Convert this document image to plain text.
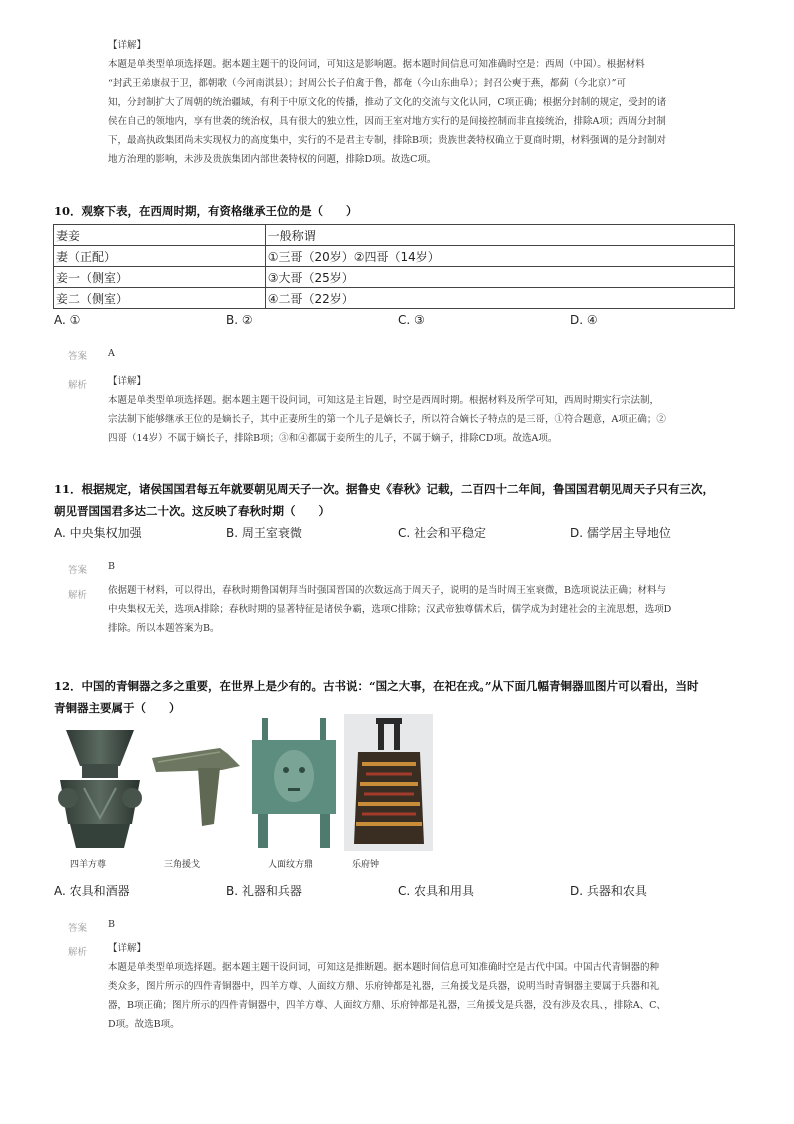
【详解】
本题是单类型单项选择题。据本题主题干的设问词，可知这是影响题。据本题时间信息可知准确时空是：西周（中国）。根据材料
“封武王弟康叔于卫，都朝歌（今河南淇县）；封周公长子伯禽于鲁，都奄（今山东曲阜）；封召公奭于燕，都蓟（今北京）”可
知，分封制扩大了周朝的统治疆域，有利于中原文化的传播，推动了文化的交流与文化认同，C项正确；根据分封制的规定，受封的诸
侯在自己的领地内，享有世袭的统治权，具有很大的独立性，因而王室对地方实行的是间接控制而非直接统治，排除A项；西周分封制
下，最高执政集团尚未实现权力的高度集中，实行的不是君主专制，排除B项；贵族世袭特权确立于夏商时期，材料强调的是分封制对
地方治理的影响，未涉及贵族集团内部世袭特权的问题，排除D项。故选C项。
10．观察下表，在西周时期，有资格继承王位的是（　　）
妻妾	一般称谓
妻（正配）	①三哥（20岁）②四哥（14岁）
妾一（侧室）	③大哥（25岁）
妾二（侧室）	④二哥（22岁）
A. ①	B. ②	C. ③	D. ④
答案 A
解析 【详解】
本题是单类型单项选择题。据本题主题干设问词，可知这是主旨题，时空是西周时期。根据材料及所学可知，西周时期实行宗法制，
宗法制下能够继承王位的是嫡长子，其中正妻所生的第一个儿子是嫡长子，所以符合嫡长子特点的是三哥，①符合题意，A项正确；②
四哥（14岁）不属于嫡长子，排除B项；③和④都属于妾所生的儿子，不属于嫡子，排除CD项。故选A项。
11．根据规定，诸侯国国君每五年就要朝见周天子一次。据鲁史《春秋》记载，二百四十二年间，鲁国国君朝见周天子只有三次，
朝见晋国国君多达二十次。这反映了春秋时期（　　）
A. 中央集权加强	B. 周王室衰微	C. 社会和平稳定	D. 儒学居主导地位
答案 B
解析 依据题干材料，可以得出，春秋时期鲁国朝拜当时强国晋国的次数远高于周天子，说明的是当时周王室衰微，B选项说法正确；材料与
中央集权无关，选项A排除；春秋时期的显著特征是诸侯争霸，选项C排除；汉武帝独尊儒术后，儒学成为封建社会的主流思想，选项D
排除。所以本题答案为B。
12．中国的青铜器之多之重要，在世界上是少有的。古书说：“国之大事，在祀在戎。”从下面几幅青铜器皿图片可以看出，当时
青铜器主要属于（　　）
四羊方尊	三角援戈	人面纹方鼎	乐府钟
A. 农具和酒器	B. 礼器和兵器	C. 农具和用具	D. 兵器和农具
答案 B
解析 【详解】
本题是单类型单项选择题。据本题主题干设问词，可知这是推断题。据本题时间信息可知准确时空是古代中国。中国古代青铜器的种
类众多，图片所示的四件青铜器中，四羊方尊、人面纹方鼎、乐府钟都是礼器，三角援戈是兵器，说明当时青铜器主要属于兵器和礼
器，B项正确；图片所示的四件青铜器中，四羊方尊、人面纹方鼎、乐府钟都是礼器，三角援戈是兵器，没有涉及农具、，排除A、C、
D项。故选B项。
